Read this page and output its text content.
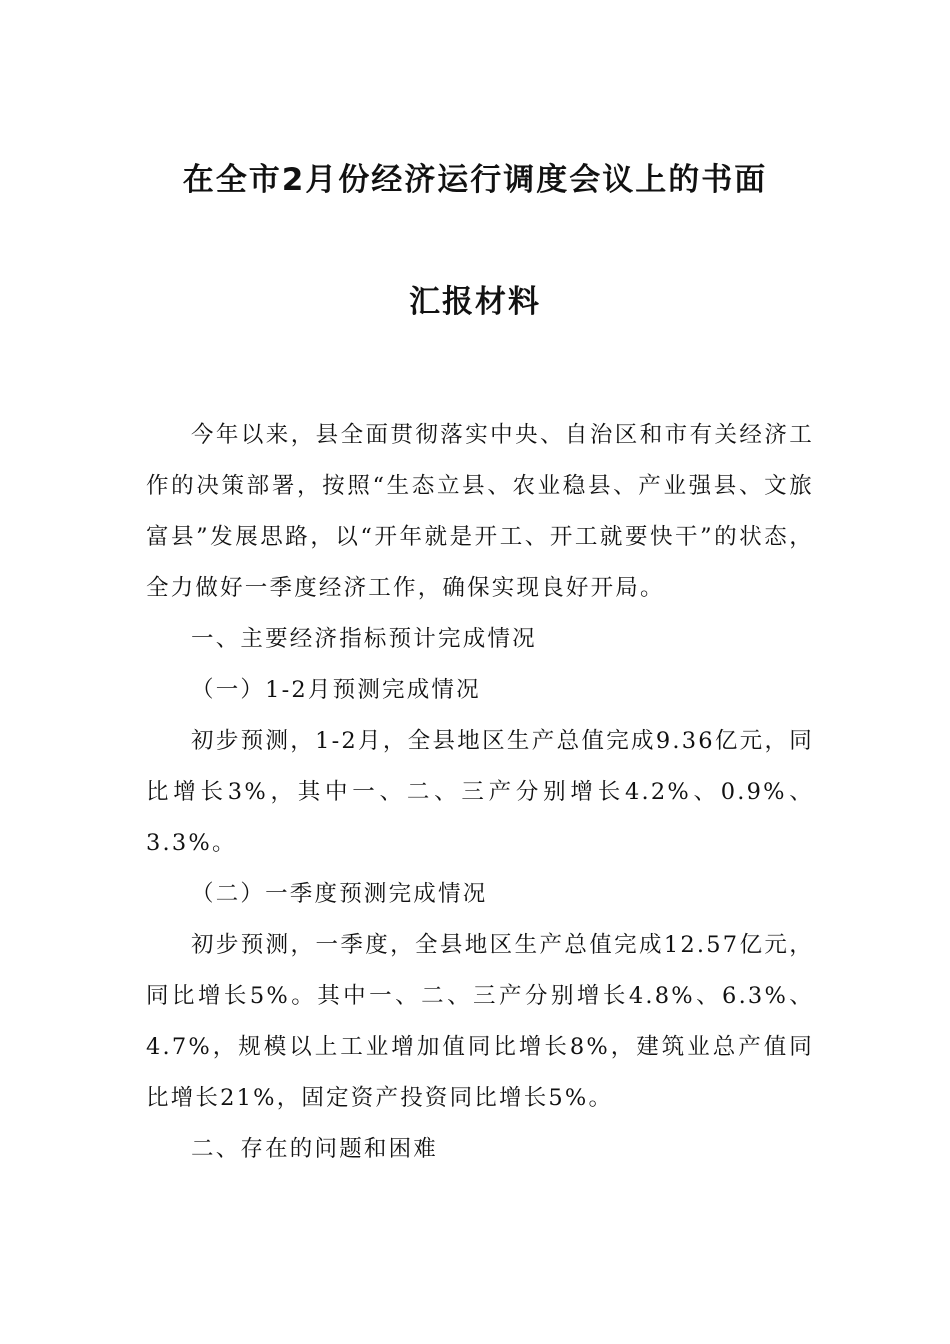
在全市2月份经济运行调度会议上的书面
汇报材料

今年以来，县全面贯彻落实中央、自治区和市有关经济工作的决策部署，按照“生态立县、农业稳县、产业强县、文旅富县”发展思路，以“开年就是开工、开工就要快干”的状态，全力做好一季度经济工作，确保实现良好开局。

一、主要经济指标预计完成情况

（一）1-2月预测完成情况

初步预测，1-2月，全县地区生产总值完成9.36亿元，同比增长3%，其中一、二、三产分别增长4.2%、0.9%、3.3%。

（二）一季度预测完成情况

初步预测，一季度，全县地区生产总值完成12.57亿元，同比增长5%。其中一、二、三产分别增长4.8%、6.3%、4.7%，规模以上工业增加值同比增长8%，建筑业总产值同比增长21%，固定资产投资同比增长5%。

二、存在的问题和困难
